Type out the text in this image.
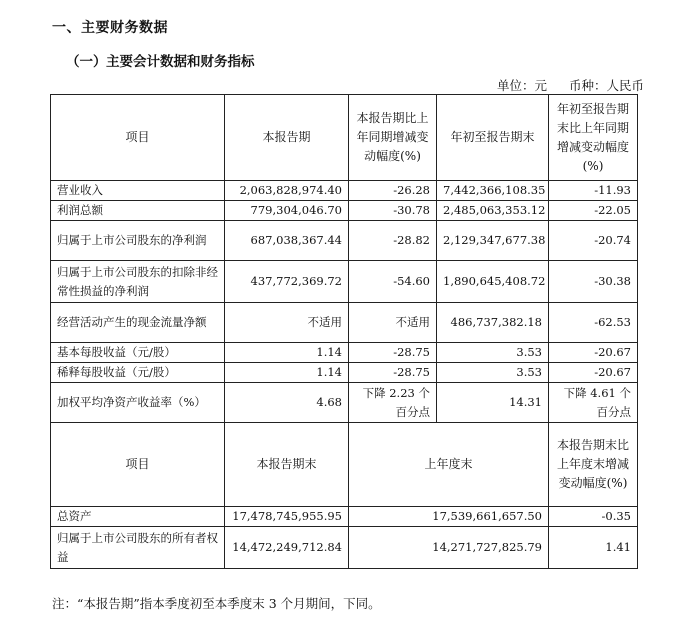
一、主要财务数据
（一）主要会计数据和财务指标
单位：元 币种：人民币
项目	本报告期	本报告期比上年同期增减变动幅度(%)	年初至报告期末	年初至报告期末比上年同期增减变动幅度(%)
营业收入	2,063,828,974.40	-26.28	7,442,366,108.35	-11.93
利润总额	779,304,046.70	-30.78	2,485,063,353.12	-22.05
归属于上市公司股东的净利润	687,038,367.44	-28.82	2,129,347,677.38	-20.74
归属于上市公司股东的扣除非经常性损益的净利润	437,772,369.72	-54.60	1,890,645,408.72	-30.38
经营活动产生的现金流量净额	不适用	不适用	486,737,382.18	-62.53
基本每股收益（元/股）	1.14	-28.75	3.53	-20.67
稀释每股收益（元/股）	1.14	-28.75	3.53	-20.67
加权平均净资产收益率（%）	4.68	下降 2.23 个百分点	14.31	下降 4.61 个百分点
项目	本报告期末	上年度末		本报告期末比上年度末增减变动幅度(%)
总资产	17,478,745,955.95	17,539,661,657.50		-0.35
归属于上市公司股东的所有者权益	14,472,249,712.84	14,271,727,825.79		1.41
注：“本报告期”指本季度初至本季度末 3 个月期间，下同。
